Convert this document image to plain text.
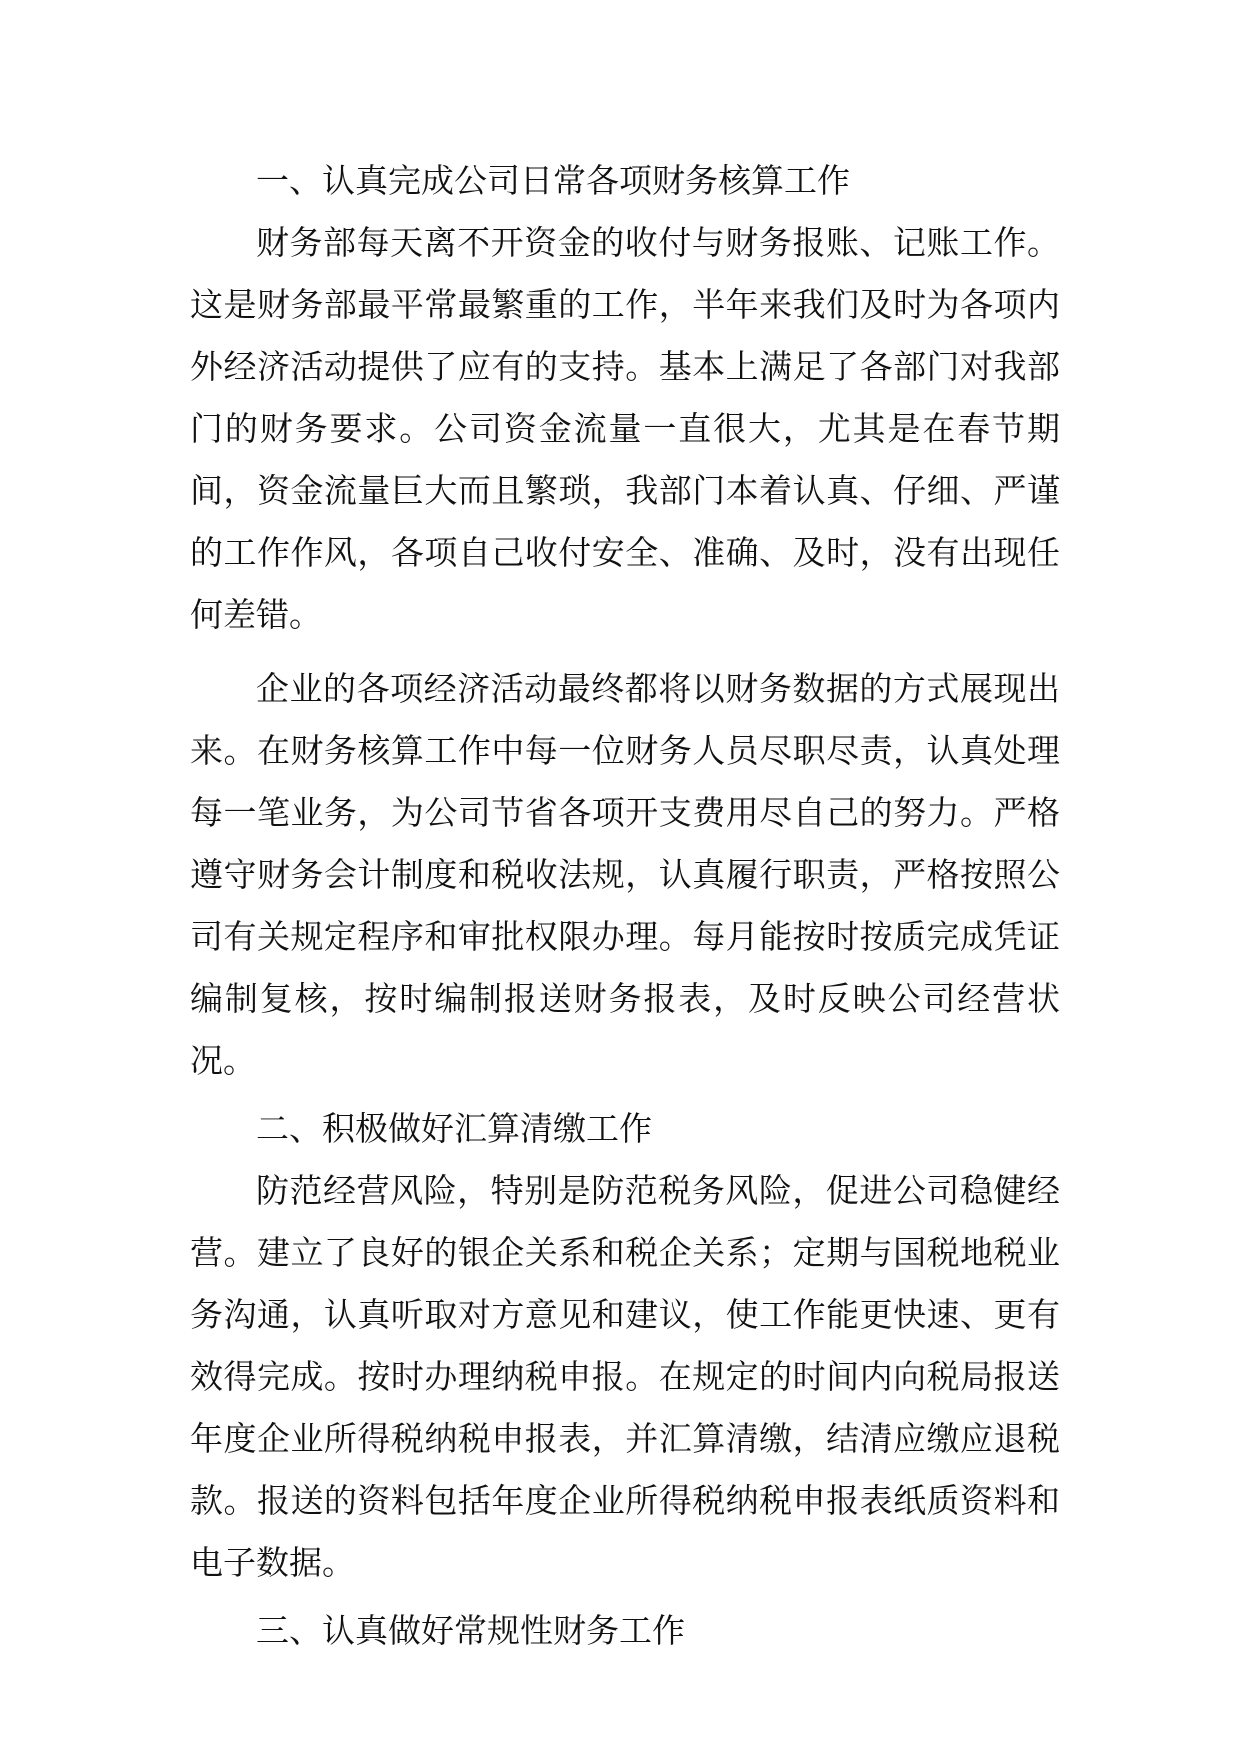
一、认真完成公司日常各项财务核算工作

财务部每天离不开资金的收付与财务报账、记账工作。这是财务部最平常最繁重的工作，半年来我们及时为各项内外经济活动提供了应有的支持。基本上满足了各部门对我部门的财务要求。公司资金流量一直很大，尤其是在春节期间，资金流量巨大而且繁琐，我部门本着认真、仔细、严谨的工作作风，各项自己收付安全、准确、及时，没有出现任何差错。

企业的各项经济活动最终都将以财务数据的方式展现出来。在财务核算工作中每一位财务人员尽职尽责，认真处理每一笔业务，为公司节省各项开支费用尽自己的努力。严格遵守财务会计制度和税收法规，认真履行职责，严格按照公司有关规定程序和审批权限办理。每月能按时按质完成凭证编制复核，按时编制报送财务报表，及时反映公司经营状况。

二、积极做好汇算清缴工作

防范经营风险，特别是防范税务风险，促进公司稳健经营。建立了良好的银企关系和税企关系；定期与国税地税业务沟通，认真听取对方意见和建议，使工作能更快速、更有效得完成。按时办理纳税申报。在规定的时间内向税局报送年度企业所得税纳税申报表，并汇算清缴，结清应缴应退税款。报送的资料包括年度企业所得税纳税申报表纸质资料和电子数据。

三、认真做好常规性财务工作
